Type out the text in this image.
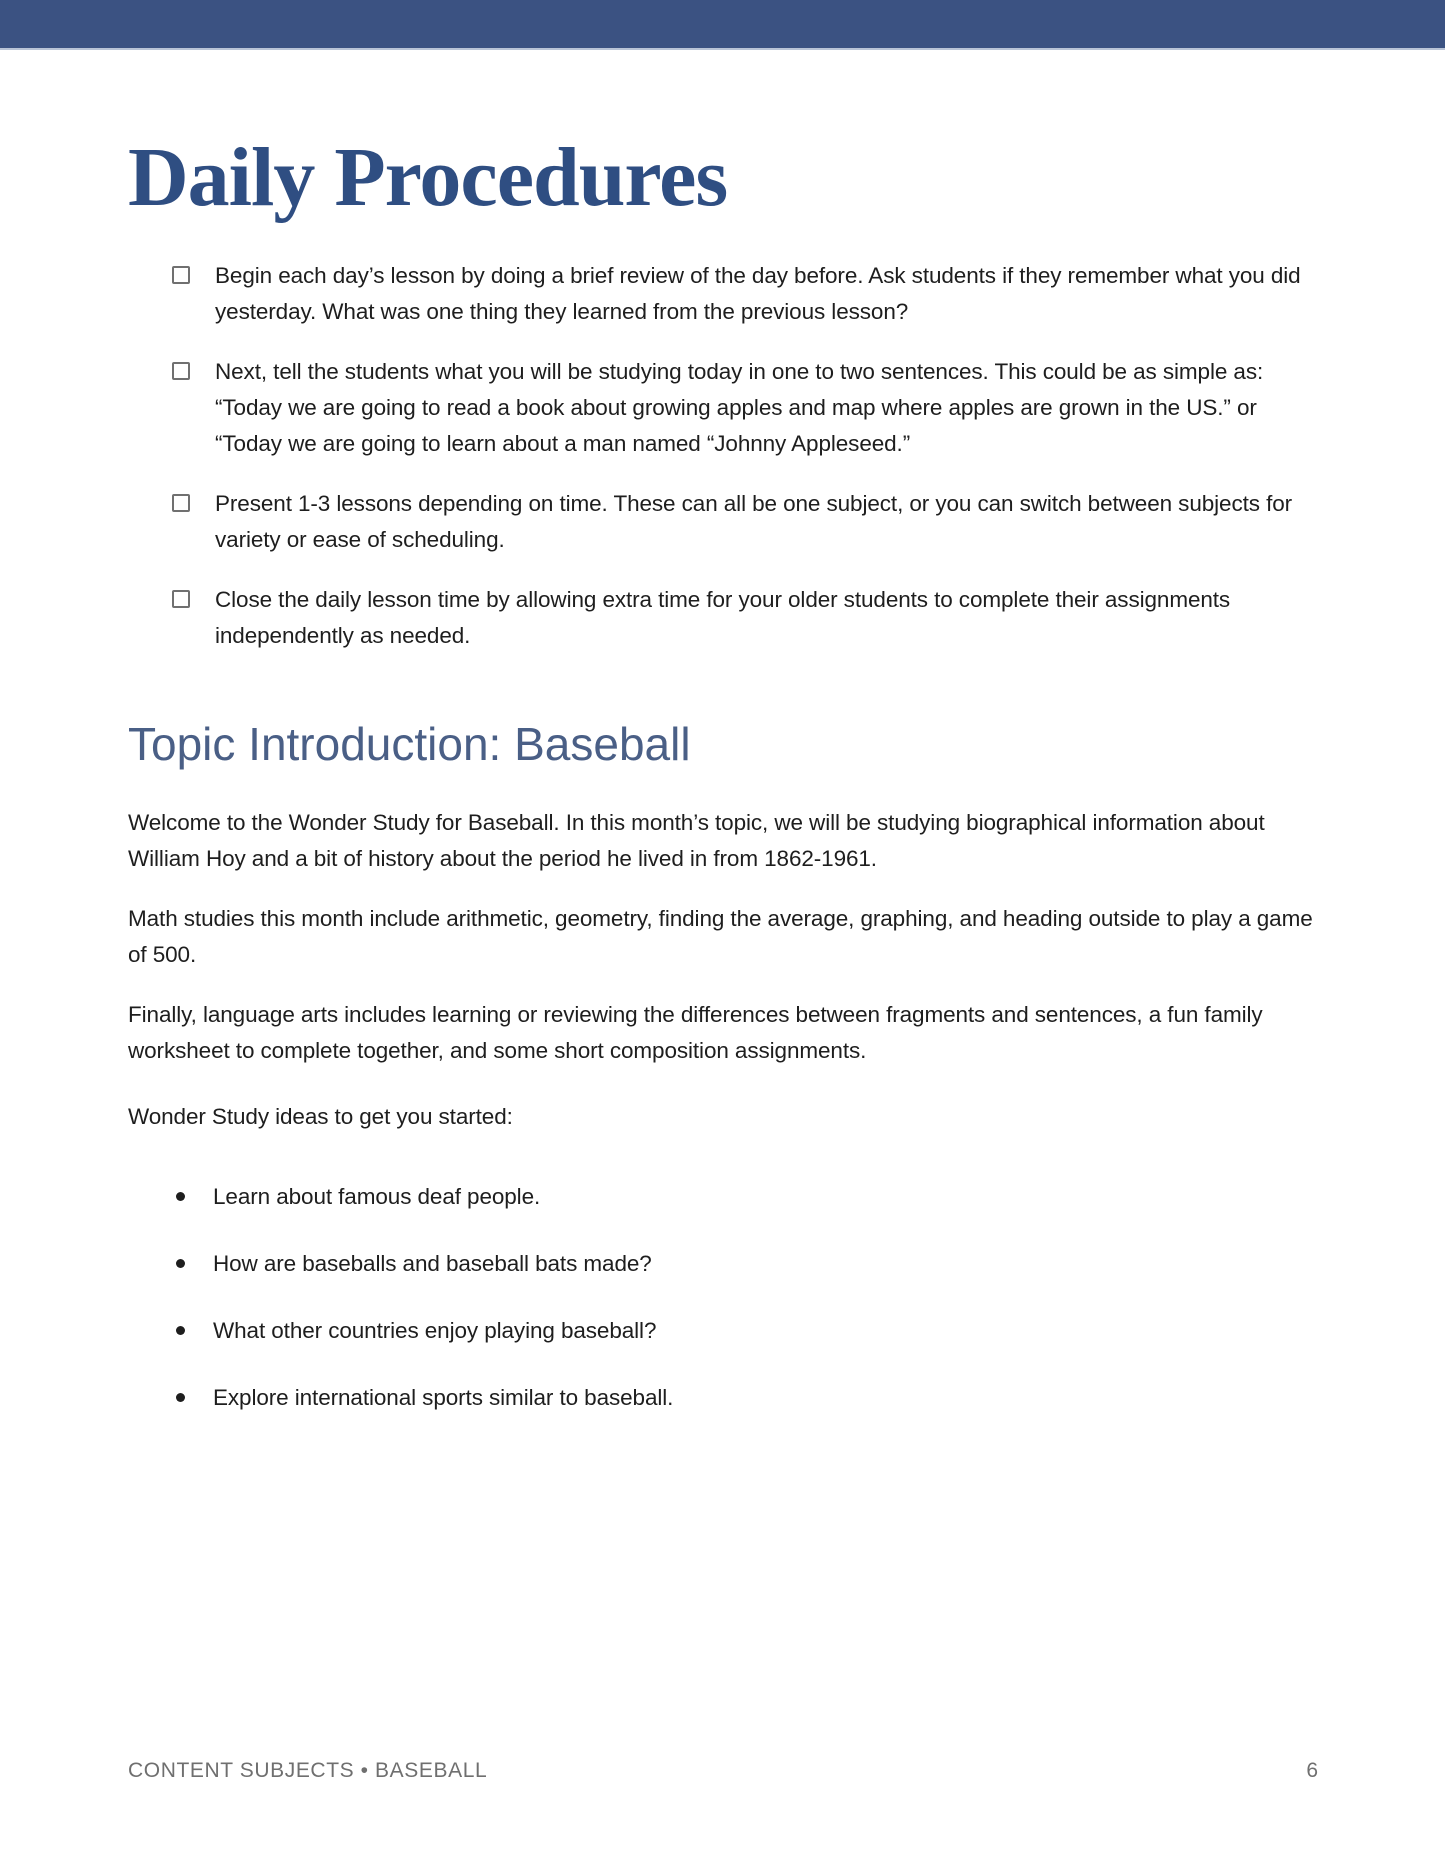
Daily Procedures
Begin each day’s lesson by doing a brief review of the day before. Ask students if they remember what you did yesterday. What was one thing they learned from the previous lesson?
Next, tell the students what you will be studying today in one to two sentences. This could be as simple as: “Today we are going to read a book about growing apples and map where apples are grown in the US.” or “Today we are going to learn about a man named “Johnny Appleseed.”
Present 1-3 lessons depending on time. These can all be one subject, or you can switch between subjects for variety or ease of scheduling.
Close the daily lesson time by allowing extra time for your older students to complete their assignments independently as needed.
Topic Introduction: Baseball

Welcome to the Wonder Study for Baseball. In this month’s topic, we will be studying biographical information about William Hoy and a bit of history about the period he lived in from 1862-1961.

Math studies this month include arithmetic, geometry, finding the average, graphing, and heading outside to play a game of 500.

Finally, language arts includes learning or reviewing the differences between fragments and sentences, a fun family worksheet to complete together, and some short composition assignments.

Wonder Study ideas to get you started:

Learn about famous deaf people.
How are baseballs and baseball bats made?
What other countries enjoy playing baseball?
Explore international sports similar to baseball.
CONTENT SUBJECTS • BASEBALL	6
